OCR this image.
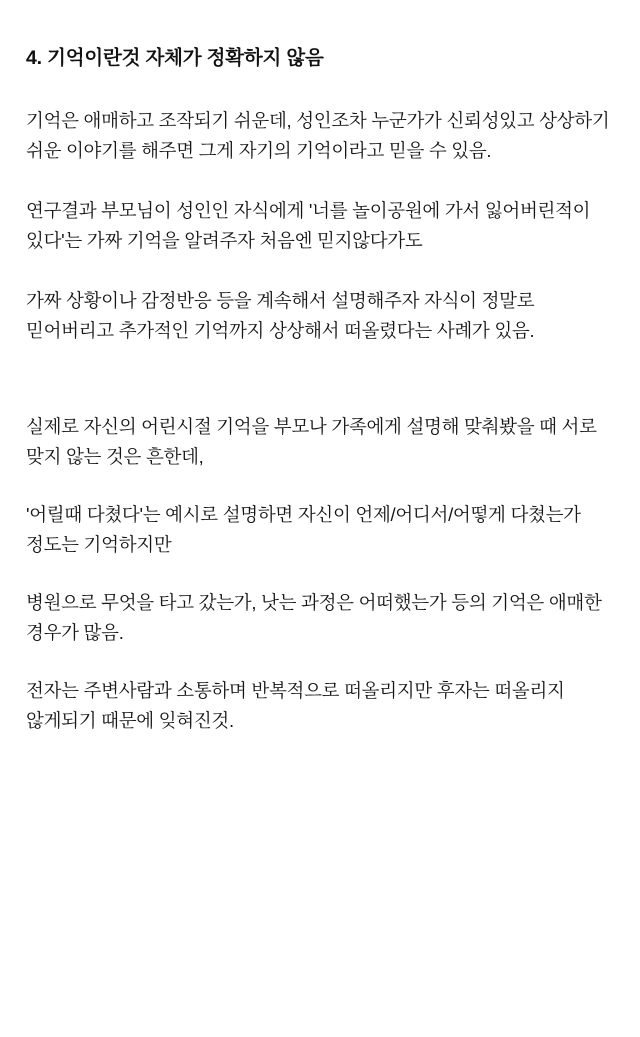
4. 기억이란것 자체가 정확하지 않음

기억은 애매하고 조작되기 쉬운데, 성인조차 누군가가 신뢰성있고 상상하기 쉬운 이야기를 해주면 그게 자기의 기억이라고 믿을 수 있음.

연구결과 부모님이 성인인 자식에게 '너를 놀이공원에 가서 잃어버린적이 있다'는 가짜 기억을 알려주자 처음엔 믿지않다가도

가짜 상황이나 감정반응 등을 계속해서 설명해주자 자식이 정말로 믿어버리고 추가적인 기억까지 상상해서 떠올렸다는 사례가 있음.

실제로 자신의 어린시절 기억을 부모나 가족에게 설명해 맞춰봤을 때 서로 맞지 않는 것은 흔한데,

'어릴때 다쳤다'는 예시로 설명하면 자신이 언제/어디서/어떻게 다쳤는가 정도는 기억하지만

병원으로 무엇을 타고 갔는가, 낫는 과정은 어떠했는가 등의 기억은 애매한 경우가 많음.

전자는 주변사람과 소통하며 반복적으로 떠올리지만 후자는 떠올리지 않게되기 때문에 잊혀진것.
